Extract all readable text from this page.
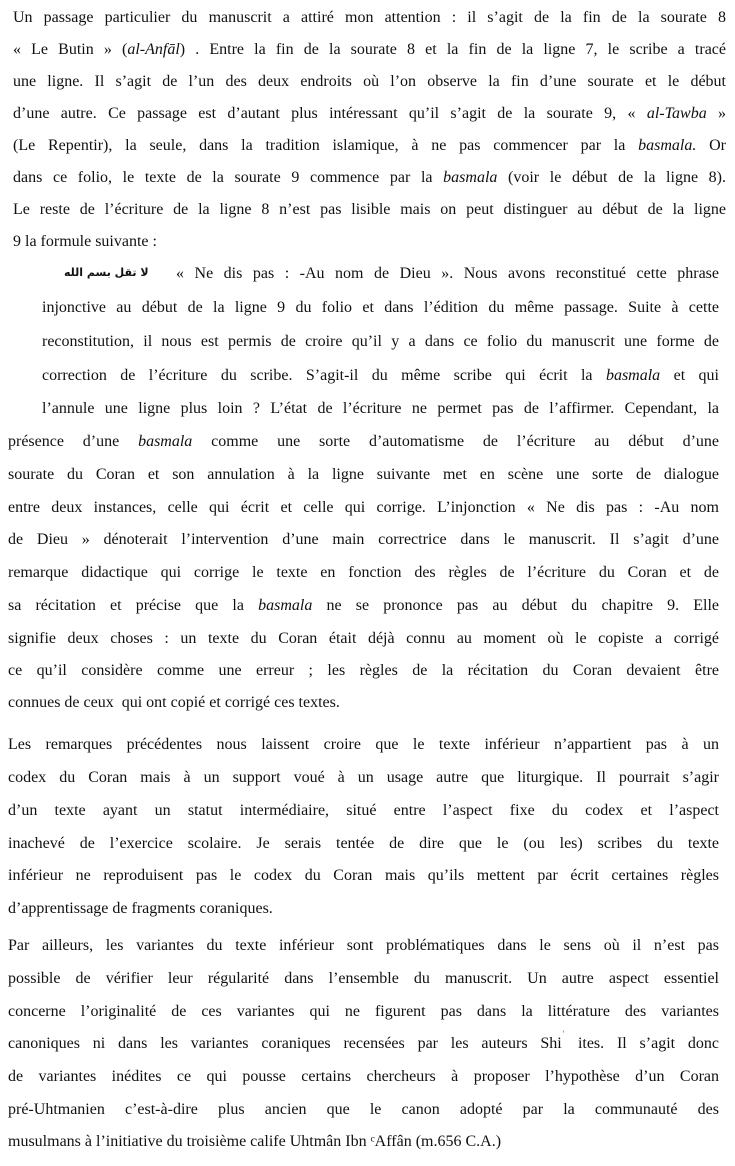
Un passage particulier du manuscrit a attiré mon attention : il s’agit de la fin de la sourate 8
« Le Butin » (al-Anfāl) . Entre la fin de la sourate 8 et la fin de la ligne 7, le scribe a tracé
une ligne. Il s’agit de l’un des deux endroits où l’on observe la fin d’une sourate et le début
d’une autre. Ce passage est d’autant plus intéressant qu’il s’agit de la sourate 9, « al-Tawba »
(Le Repentir), la seule, dans la tradition islamique, à ne pas commencer par la basmala. Or
dans ce folio, le texte de la sourate 9 commence par la basmala (voir le début de la ligne 8).
Le reste de l’écriture de la ligne 8 n’est pas lisible mais on peut distinguer au début de la ligne
9 la formule suivante :
لا تقل بسم الله « Ne dis pas : -Au nom de Dieu ». Nous avons reconstitué cette phrase
injonctive au début de la ligne 9 du folio et dans l’édition du même passage. Suite à cette
reconstitution, il nous est permis de croire qu’il y a dans ce folio du manuscrit une forme de
correction de l’écriture du scribe. S’agit-il du même scribe qui écrit la basmala et qui
l’annule une ligne plus loin ? L’état de l’écriture ne permet pas de l’affirmer. Cependant, la
présence d’une basmala comme une sorte d’automatisme de l’écriture au début d’une
sourate du Coran et son annulation à la ligne suivante met en scène une sorte de dialogue
entre deux instances, celle qui écrit et celle qui corrige. L’injonction « Ne dis pas : -Au nom
de Dieu » dénoterait l’intervention d’une main correctrice dans le manuscrit. Il s’agit d’une
remarque didactique qui corrige le texte en fonction des règles de l’écriture du Coran et de
sa récitation et précise que la basmala ne se prononce pas au début du chapitre 9. Elle
signifie deux choses : un texte du Coran était déjà connu au moment où le copiste a corrigé
ce qu’il considère comme une erreur ; les règles de la récitation du Coran devaient être
connues de ceux  qui ont copié et corrigé ces textes.
Les remarques précédentes nous laissent croire que le texte inférieur n’appartient pas à un
codex du Coran mais à un support voué à un usage autre que liturgique. Il pourrait s’agir
d’un texte ayant un statut intermédiaire, situé entre l’aspect fixe du codex et l’aspect
inachevé de l’exercice scolaire. Je serais tentée de dire que le (ou les) scribes du texte
inférieur ne reproduisent pas le codex du Coran mais qu’ils mettent par écrit certaines règles
d’apprentissage de fragments coraniques.
Par ailleurs, les variantes du texte inférieur sont problématiques dans le sens où il n’est pas
possible de vérifier leur régularité dans l’ensemble du manuscrit. Un autre aspect essentiel
concerne l’originalité de ces variantes qui ne figurent pas dans la littérature des variantes
canoniques ni dans les variantes coraniques recensées par les auteurs Shi$^ʿ$ ites. Il s’agit donc
de variantes inédites ce qui pousse certains chercheurs à proposer l’hypothèse d’un Coran
pré-Uhtmanien c’est-à-dire plus ancien que le canon adopté par la communauté des
musulmans à l’initiative du troisième calife Uhtmân Ibn ᶜAffân (m.656 C.A.)
